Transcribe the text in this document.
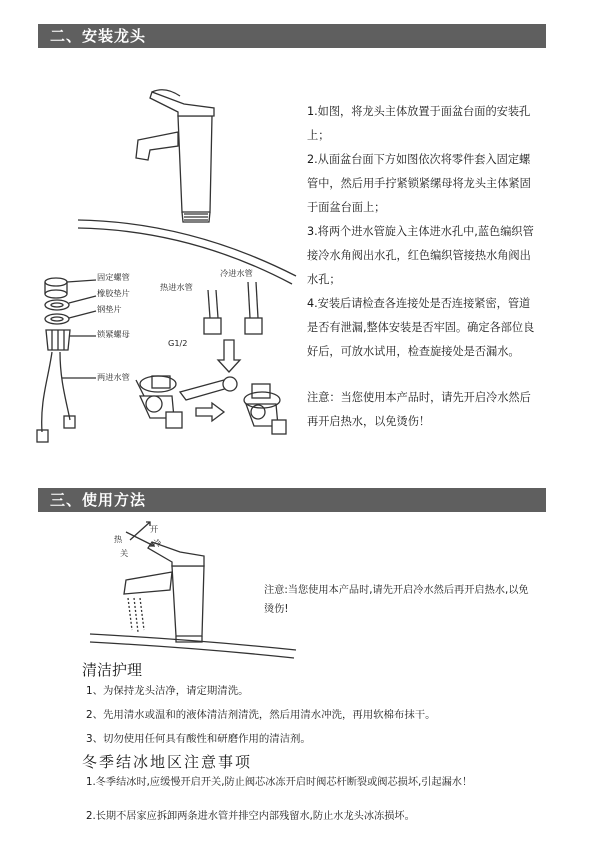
二、安装龙头
固定螺管
橡胶垫片
钢垫片
锁紧螺母
两进水管
热进水管
冷进水管
G1/2
1.如图，将龙头主体放置于面盆台面的安装孔上；
2.从面盆台面下方如图依次将零件套入固定螺管中，然后用手拧紧锁紧缧母将龙头主体紧固于面盆台面上；
3.将两个进水管旋入主体进水孔中,蓝色编织管接冷水角阀出水孔，红色编织管接热水角阀出水孔；
4.安装后请检查各连接处是否连接紧密，管道是否有泄漏,整体安装是否牢固。确定各部位良好后，可放水试用，检查旋接处是否漏水。
注意：当您使用本产品时，请先开启冷水然后再开启热水，以免烫伤！
三、使用方法
热
开
关
冷
注意:当您使用本产品时,请先开启冷水然后再开启热水,以免烫伤!
清洁护理
1、为保持龙头洁净，请定期清洗。
2、先用清水或温和的液体清洁剂清洗，然后用清水冲洗，再用软棉布抹干。
3、切勿使用任何具有酸性和研磨作用的清洁剂。
冬季结冰地区注意事项
1.冬季结冰时,应缓慢开启开关,防止阀芯冰冻开启时阀芯杆断裂或阀芯损坏,引起漏水！
2.长期不居家应拆卸两条进水管并排空内部残留水,防止水龙头冰冻损坏。
